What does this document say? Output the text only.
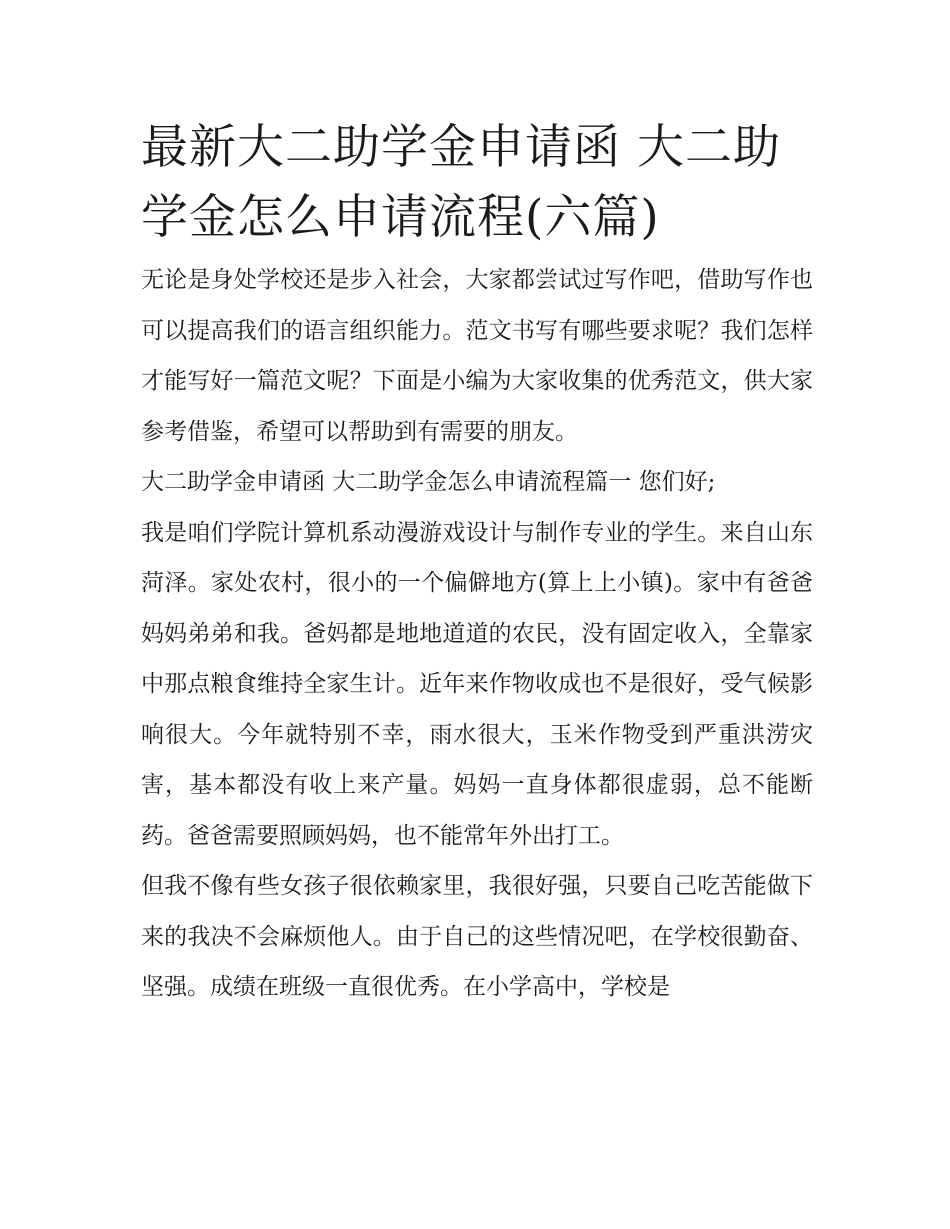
最新大二助学金申请函 大二助学金怎么申请流程(六篇)

无论是身处学校还是步入社会，大家都尝试过写作吧，借助写作也可以提高我们的语言组织能力。范文书写有哪些要求呢？我们怎样才能写好一篇范文呢？下面是小编为大家收集的优秀范文，供大家参考借鉴，希望可以帮助到有需要的朋友。

大二助学金申请函 大二助学金怎么申请流程篇一 您们好;

我是咱们学院计算机系动漫游戏设计与制作专业的学生。来自山东菏泽。家处农村，很小的一个偏僻地方(算上上小镇)。家中有爸爸妈妈弟弟和我。爸妈都是地地道道的农民，没有固定收入，全靠家中那点粮食维持全家生计。近年来作物收成也不是很好，受气候影响很大。今年就特别不幸，雨水很大，玉米作物受到严重洪涝灾害，基本都没有收上来产量。妈妈一直身体都很虚弱，总不能断药。爸爸需要照顾妈妈，也不能常年外出打工。

但我不像有些女孩子很依赖家里，我很好强，只要自己吃苦能做下来的我决不会麻烦他人。由于自己的这些情况吧，在学校很勤奋、坚强。成绩在班级一直很优秀。在小学高中，学校是
